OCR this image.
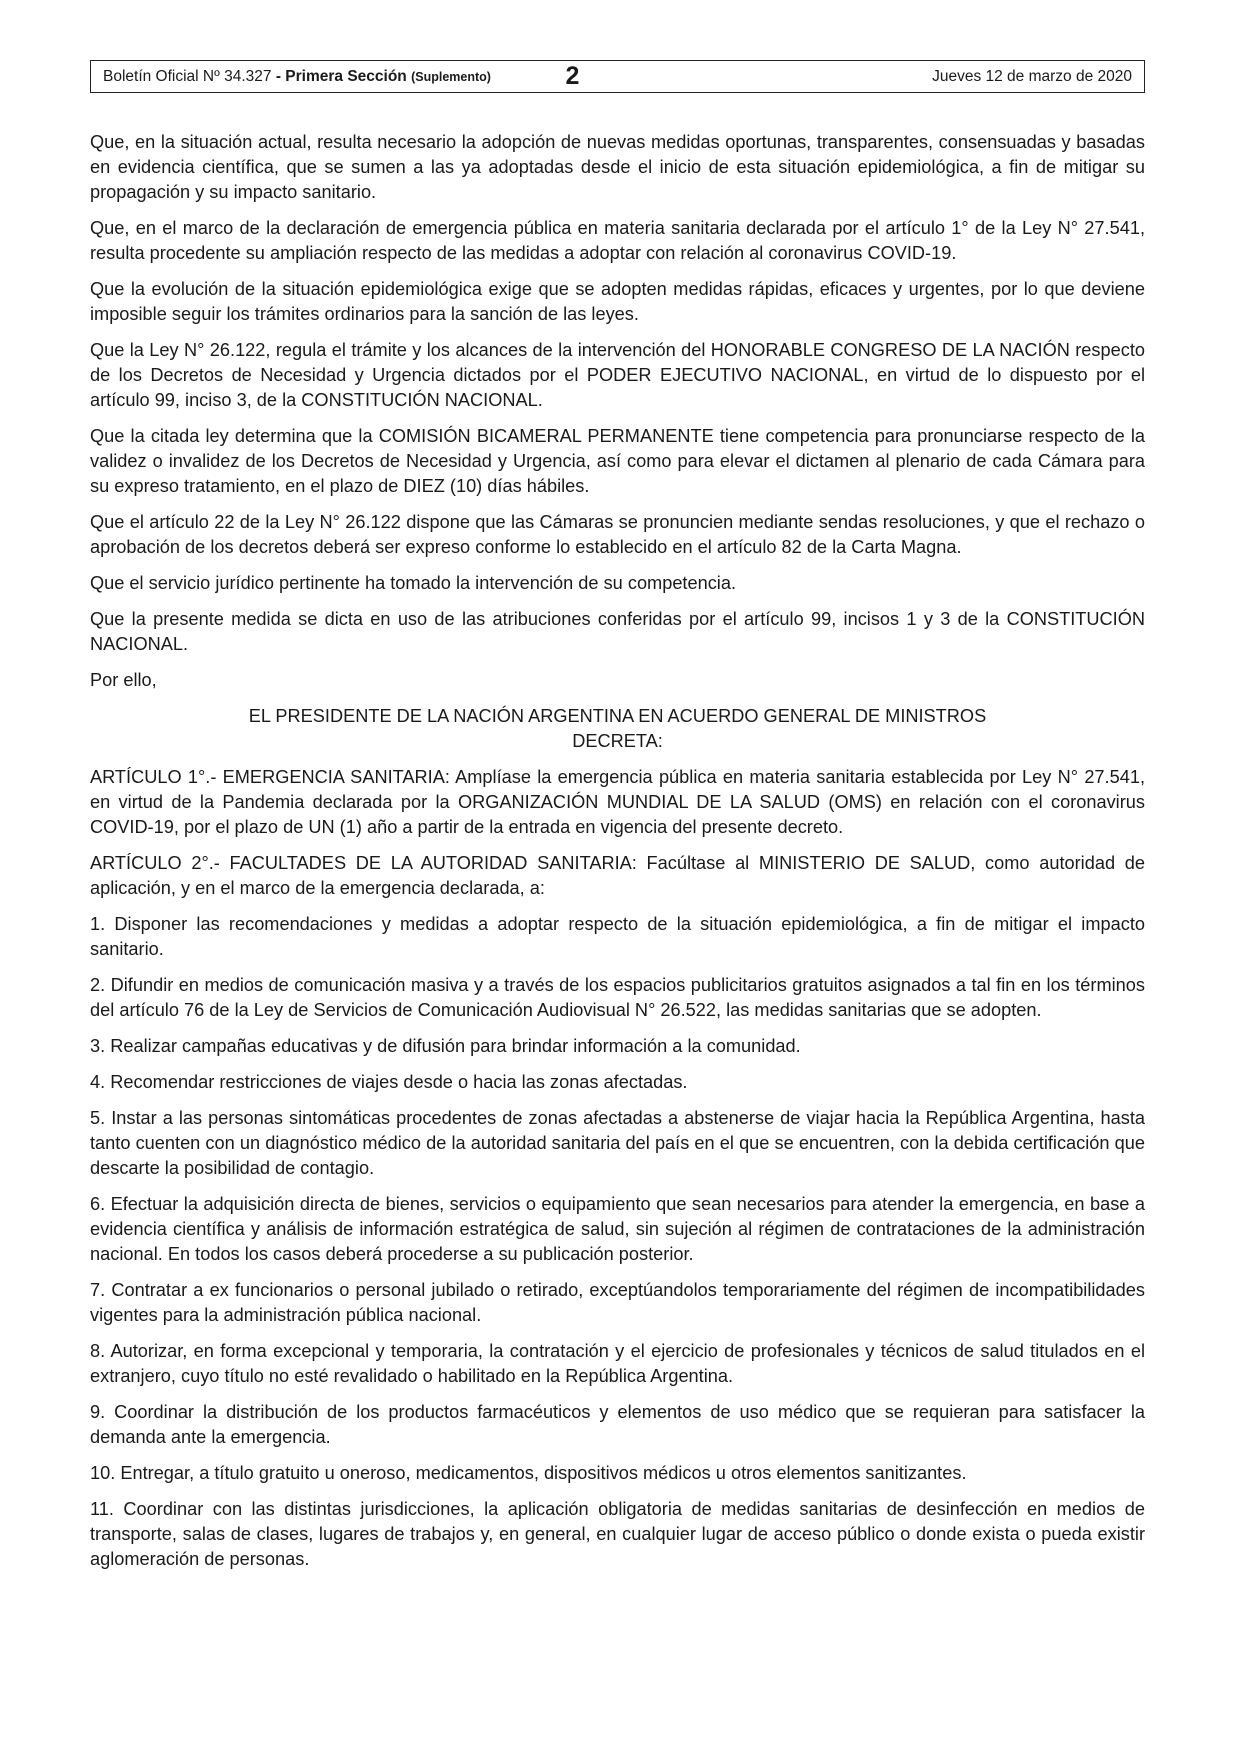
Boletín Oficial Nº 34.327 - Primera Sección (Suplemento)	2	Jueves 12 de marzo de 2020

Que, en la situación actual, resulta necesario la adopción de nuevas medidas oportunas, transparentes, consensuadas y basadas en evidencia científica, que se sumen a las ya adoptadas desde el inicio de esta situación epidemiológica, a fin de mitigar su propagación y su impacto sanitario.

Que, en el marco de la declaración de emergencia pública en materia sanitaria declarada por el artículo 1° de la Ley N° 27.541, resulta procedente su ampliación respecto de las medidas a adoptar con relación al coronavirus COVID-19.

Que la evolución de la situación epidemiológica exige que se adopten medidas rápidas, eficaces y urgentes, por lo que deviene imposible seguir los trámites ordinarios para la sanción de las leyes.

Que la Ley N° 26.122, regula el trámite y los alcances de la intervención del HONORABLE CONGRESO DE LA NACIÓN respecto de los Decretos de Necesidad y Urgencia dictados por el PODER EJECUTIVO NACIONAL, en virtud de lo dispuesto por el artículo 99, inciso 3, de la CONSTITUCIÓN NACIONAL.

Que la citada ley determina que la COMISIÓN BICAMERAL PERMANENTE tiene competencia para pronunciarse respecto de la validez o invalidez de los Decretos de Necesidad y Urgencia, así como para elevar el dictamen al plenario de cada Cámara para su expreso tratamiento, en el plazo de DIEZ (10) días hábiles.

Que el artículo 22 de la Ley N° 26.122 dispone que las Cámaras se pronuncien mediante sendas resoluciones, y que el rechazo o aprobación de los decretos deberá ser expreso conforme lo establecido en el artículo 82 de la Carta Magna.

Que el servicio jurídico pertinente ha tomado la intervención de su competencia.

Que la presente medida se dicta en uso de las atribuciones conferidas por el artículo 99, incisos 1 y 3 de la CONSTITUCIÓN NACIONAL.

Por ello,

EL PRESIDENTE DE LA NACIÓN ARGENTINA EN ACUERDO GENERAL DE MINISTROS
DECRETA:

ARTÍCULO 1°.- EMERGENCIA SANITARIA: Amplíase la emergencia pública en materia sanitaria establecida por Ley N° 27.541, en virtud de la Pandemia declarada por la ORGANIZACIÓN MUNDIAL DE LA SALUD (OMS) en relación con el coronavirus COVID-19, por el plazo de UN (1) año a partir de la entrada en vigencia del presente decreto.

ARTÍCULO 2°.- FACULTADES DE LA AUTORIDAD SANITARIA: Facúltase al MINISTERIO DE SALUD, como autoridad de aplicación, y en el marco de la emergencia declarada, a:

1. Disponer las recomendaciones y medidas a adoptar respecto de la situación epidemiológica, a fin de mitigar el impacto sanitario.

2. Difundir en medios de comunicación masiva y a través de los espacios publicitarios gratuitos asignados a tal fin en los términos del artículo 76 de la Ley de Servicios de Comunicación Audiovisual N° 26.522, las medidas sanitarias que se adopten.

3. Realizar campañas educativas y de difusión para brindar información a la comunidad.

4. Recomendar restricciones de viajes desde o hacia las zonas afectadas.

5. Instar a las personas sintomáticas procedentes de zonas afectadas a abstenerse de viajar hacia la República Argentina, hasta tanto cuenten con un diagnóstico médico de la autoridad sanitaria del país en el que se encuentren, con la debida certificación que descarte la posibilidad de contagio.

6. Efectuar la adquisición directa de bienes, servicios o equipamiento que sean necesarios para atender la emergencia, en base a evidencia científica y análisis de información estratégica de salud, sin sujeción al régimen de contrataciones de la administración nacional. En todos los casos deberá procederse a su publicación posterior.

7. Contratar a ex funcionarios o personal jubilado o retirado, exceptúandolos temporariamente del régimen de incompatibilidades vigentes para la administración pública nacional.

8. Autorizar, en forma excepcional y temporaria, la contratación y el ejercicio de profesionales y técnicos de salud titulados en el extranjero, cuyo título no esté revalidado o habilitado en la República Argentina.

9. Coordinar la distribución de los productos farmacéuticos y elementos de uso médico que se requieran para satisfacer la demanda ante la emergencia.

10. Entregar, a título gratuito u oneroso, medicamentos, dispositivos médicos u otros elementos sanitizantes.

11. Coordinar con las distintas jurisdicciones, la aplicación obligatoria de medidas sanitarias de desinfección en medios de transporte, salas de clases, lugares de trabajos y, en general, en cualquier lugar de acceso público o donde exista o pueda existir aglomeración de personas.
